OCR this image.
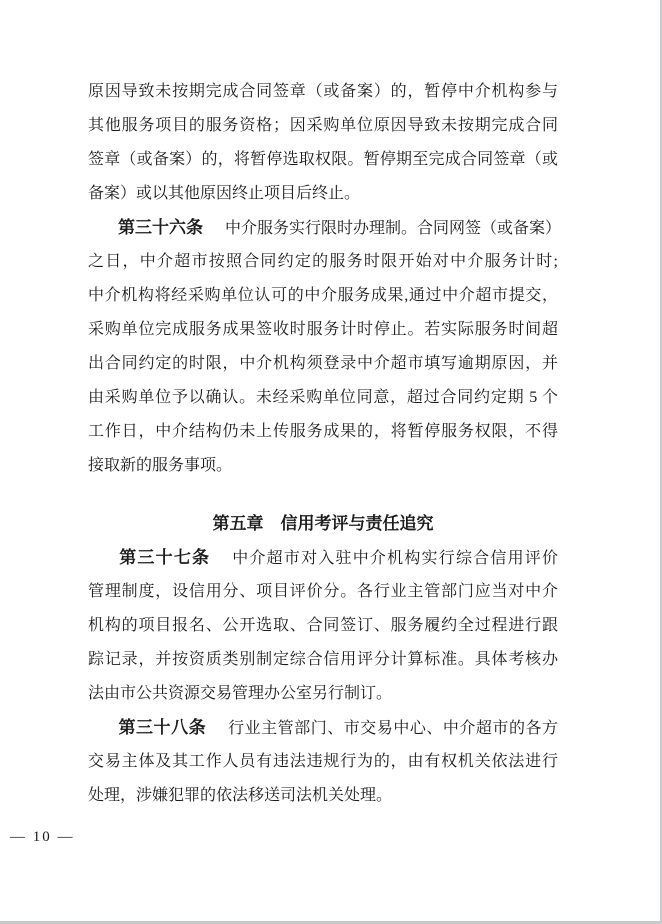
原因导致未按期完成合同签章（或备案）的，暂停中介机构参与
其他服务项目的服务资格；因采购单位原因导致未按期完成合同
签章（或备案）的，将暂停选取权限。暂停期至完成合同签章（或
备案）或以其他原因终止项目后终止。
第三十六条 中介服务实行限时办理制。合同网签（或备案）
之日，中介超市按照合同约定的服务时限开始对中介服务计时;
中介机构将经采购单位认可的中介服务成果,通过中介超市提交，
采购单位完成服务成果签收时服务计时停止。若实际服务时间超
出合同约定的时限，中介机构须登录中介超市填写逾期原因，并
由采购单位予以确认。未经采购单位同意，超过合同约定期 5 个
工作日，中介结构仍未上传服务成果的，将暂停服务权限，不得
接取新的服务事项。
第五章　信用考评与责任追究
第三十七条 中介超市对入驻中介机构实行综合信用评价
管理制度，设信用分、项目评价分。各行业主管部门应当对中介
机构的项目报名、公开选取、合同签订、服务履约全过程进行跟
踪记录，并按资质类别制定综合信用评分计算标准。具体考核办
法由市公共资源交易管理办公室另行制订。
第三十八条 行业主管部门、市交易中心、中介超市的各方
交易主体及其工作人员有违法违规行为的，由有权机关依法进行
处理，涉嫌犯罪的依法移送司法机关处理。
— 10 —
